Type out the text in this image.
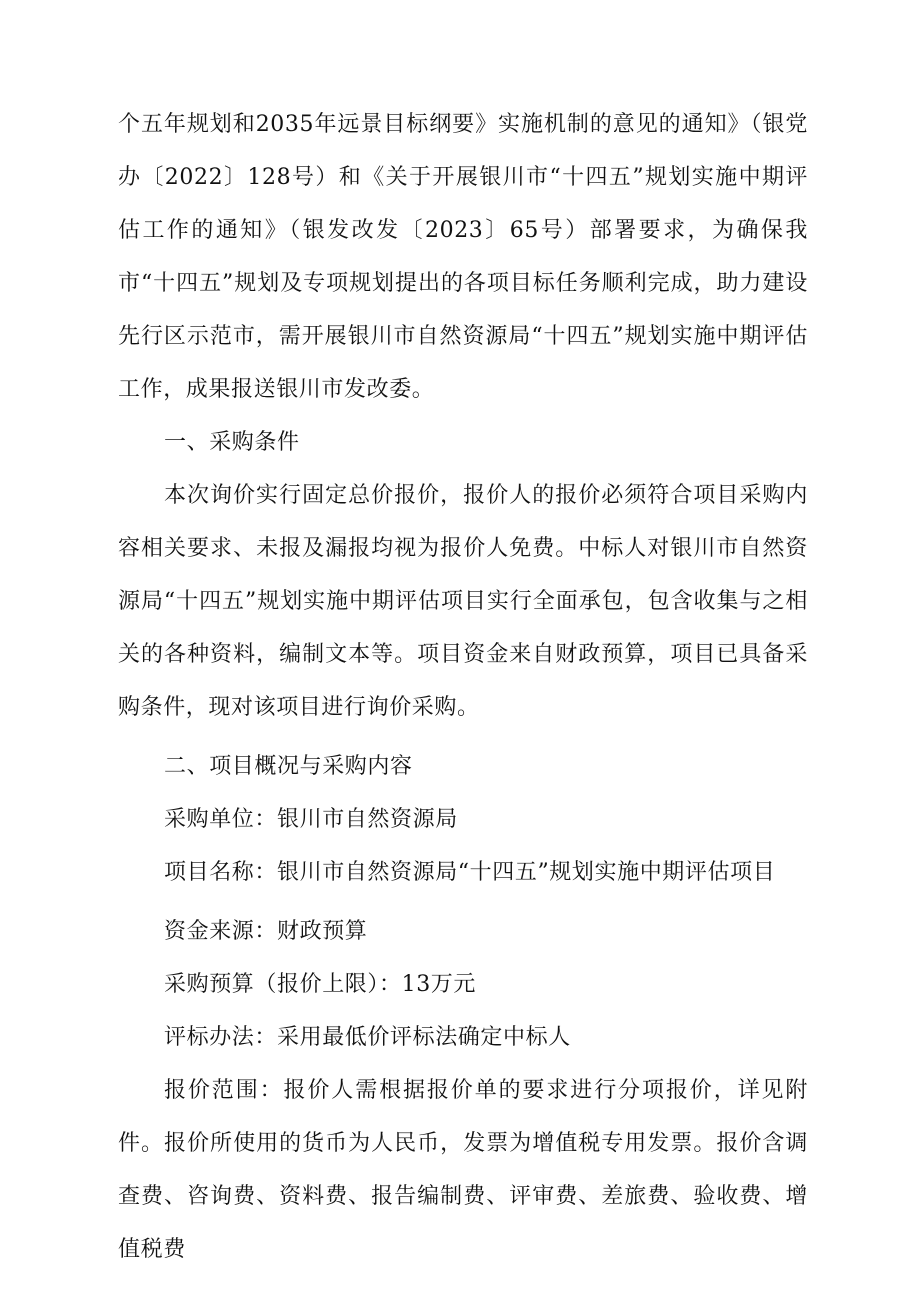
个五年规划和2035年远景目标纲要》实施机制的意见的通知》（银党办〔2022〕128号）和《关于开展银川市“十四五”规划实施中期评估工作的通知》（银发改发〔2023〕65号）部署要求，为确保我市“十四五”规划及专项规划提出的各项目标任务顺利完成，助力建设先行区示范市，需开展银川市自然资源局“十四五”规划实施中期评估工作，成果报送银川市发改委。

一、采购条件

本次询价实行固定总价报价，报价人的报价必须符合项目采购内容相关要求、未报及漏报均视为报价人免费。中标人对银川市自然资源局“十四五”规划实施中期评估项目实行全面承包，包含收集与之相关的各种资料，编制文本等。项目资金来自财政预算，项目已具备采购条件，现对该项目进行询价采购。

二、项目概况与采购内容

采购单位：银川市自然资源局

项目名称：银川市自然资源局“十四五”规划实施中期评估项目

资金来源：财政预算

采购预算（报价上限）：13万元

评标办法：采用最低价评标法确定中标人

报价范围：报价人需根据报价单的要求进行分项报价，详见附件。报价所使用的货币为人民币，发票为增值税专用发票。报价含调查费、咨询费、资料费、报告编制费、评审费、差旅费、验收费、增值税费
